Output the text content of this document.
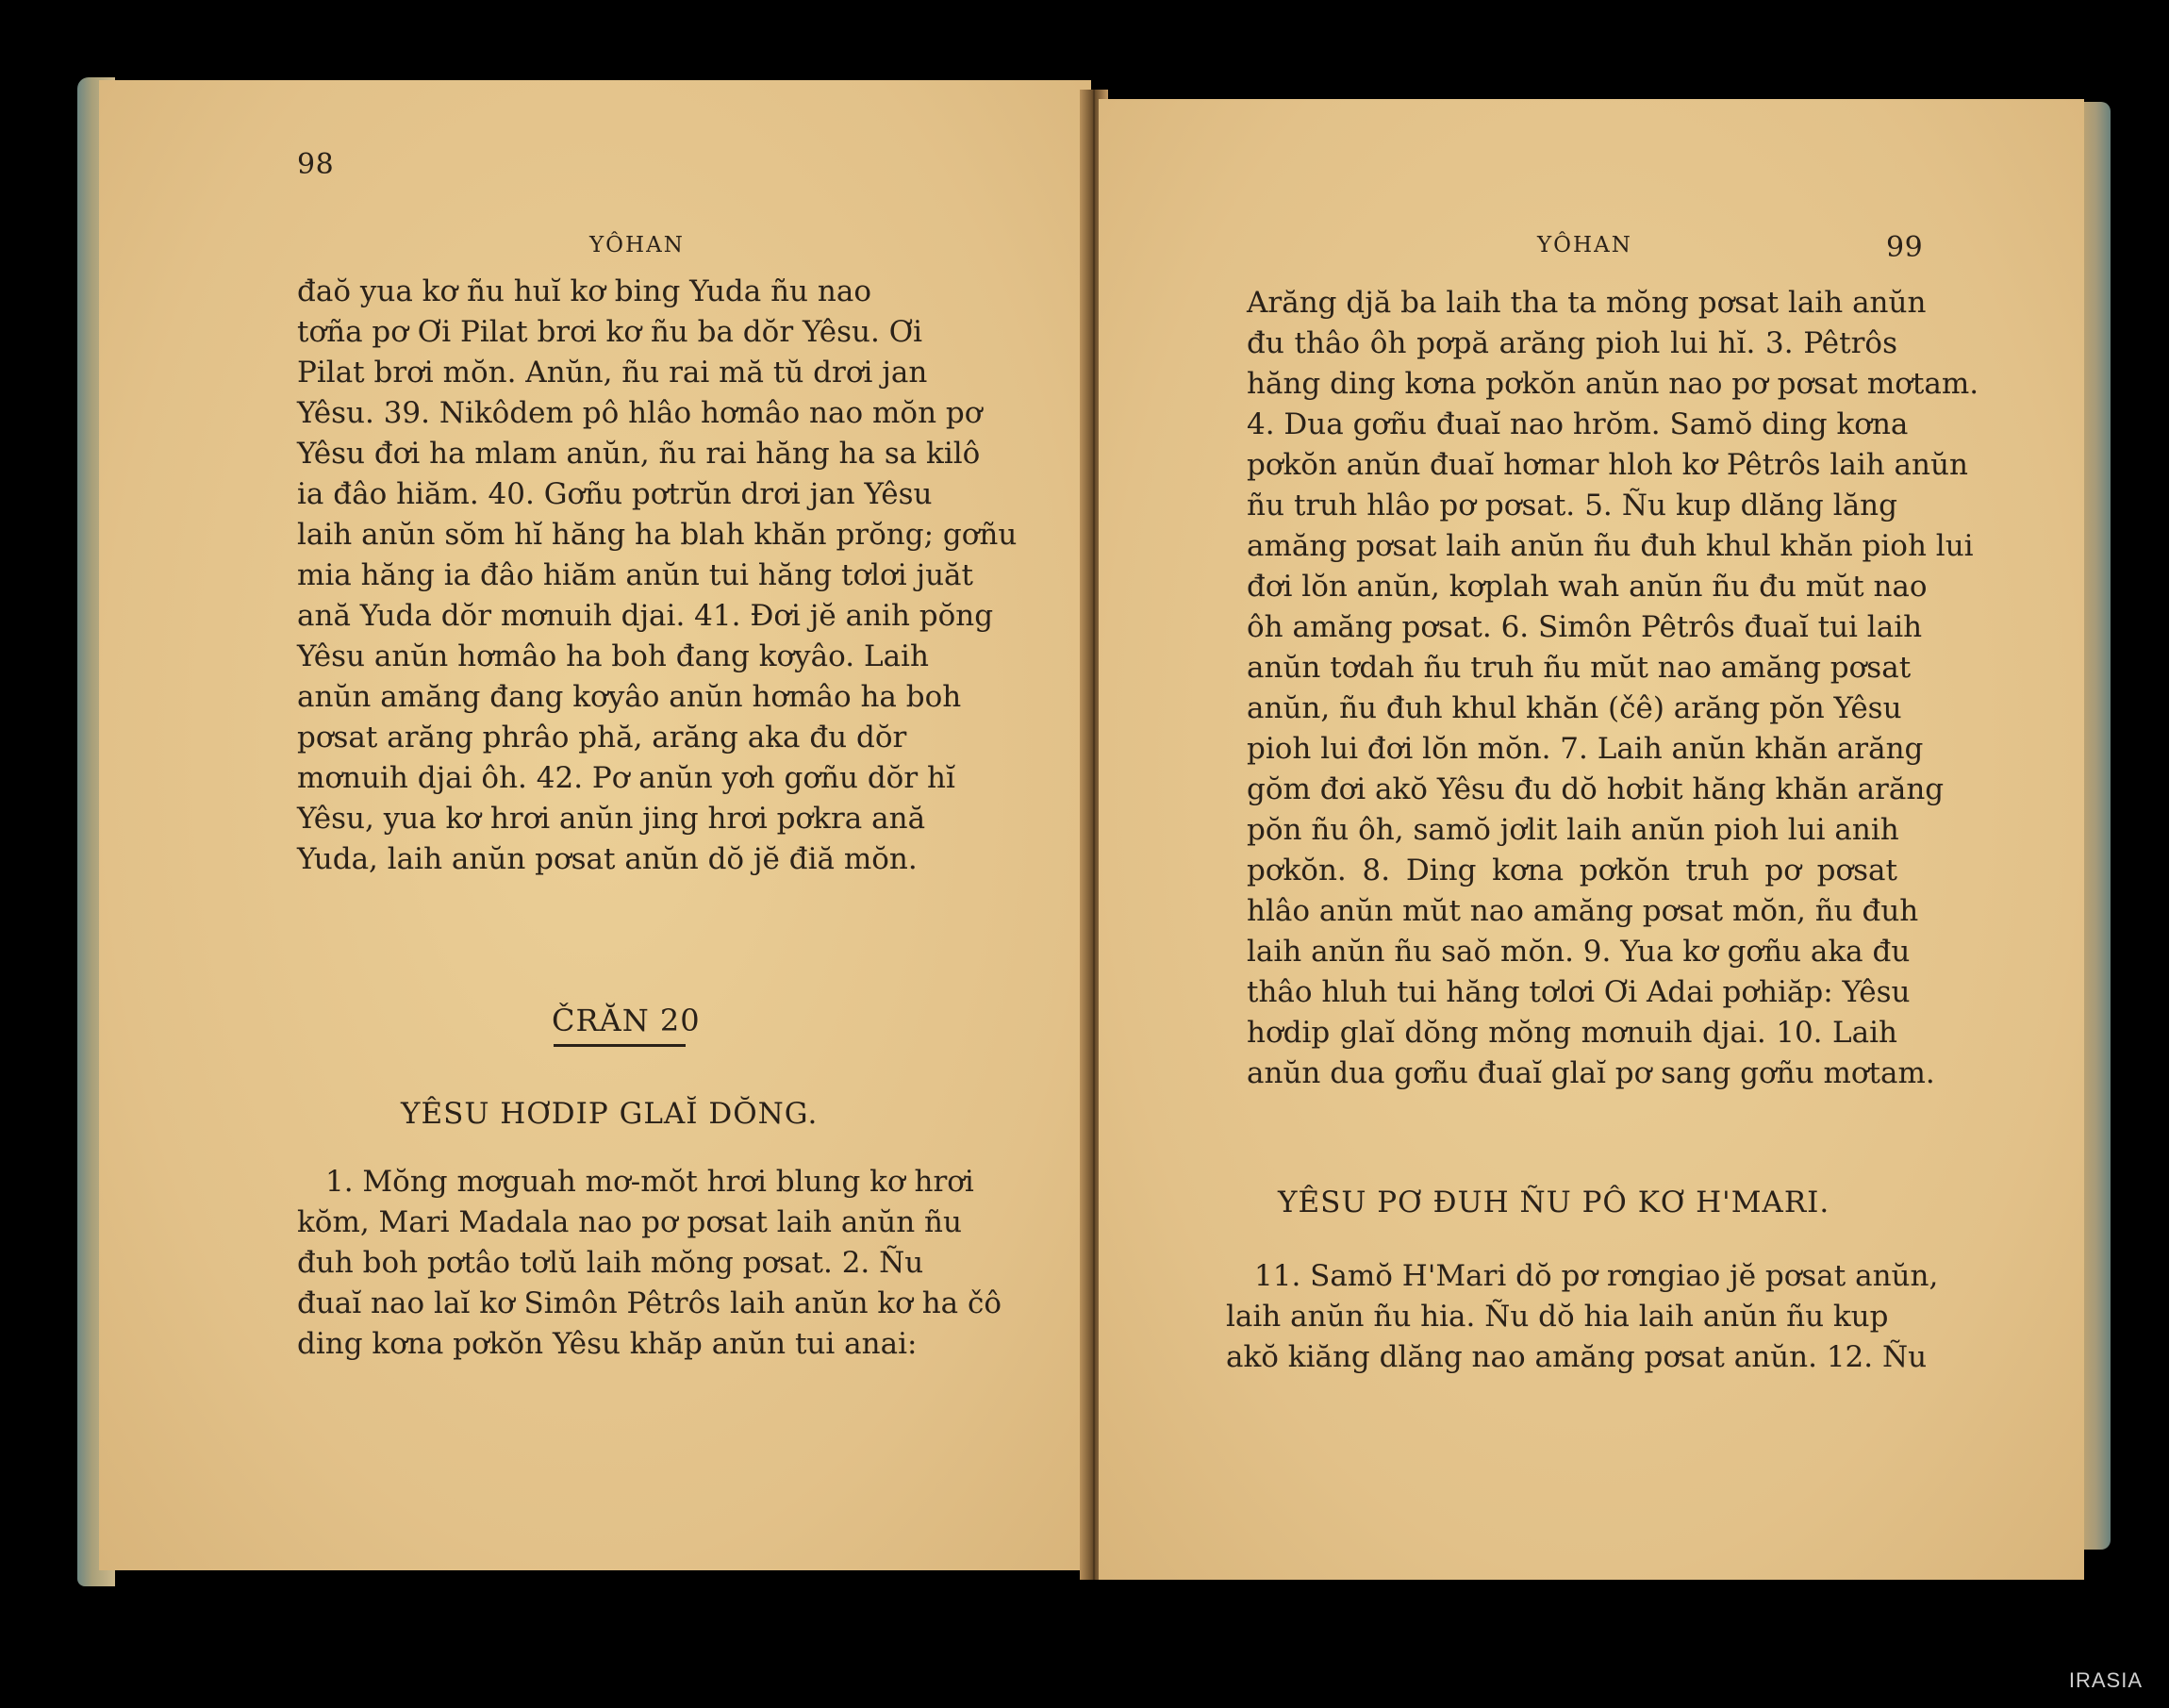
98
YÔHAN
đaŏ yua kơ ñu huĭ kơ bing Yuda ñu nao
tơña pơ Ơi Pilat brơi kơ ñu ba dŏr Yêsu. Ơi
Pilat brơi mŏn. Anŭn, ñu rai mă tŭ drơi jan
Yêsu. 39. Nikôdem pô hlâo hơmâo nao mŏn pơ
Yêsu đơi ha mlam anŭn, ñu rai hăng ha sa kilô
ia đâo hiăm. 40. Gơñu pơtrŭn drơi jan Yêsu
laih anŭn sŏm hĭ hăng ha blah khăn prŏng; gơñu
mia hăng ia đâo hiăm anŭn tui hăng tơlơi juăt
ană Yuda dŏr mơnuih djai. 41. Đơi jĕ anih pŏng
Yêsu anŭn hơmâo ha boh đang kơyâo. Laih
anŭn amăng đang kơyâo anŭn hơmâo ha boh
pơsat arăng phrâo phă, arăng aka đu dŏr
mơnuih djai ôh. 42. Pơ anŭn yơh gơñu dŏr hĭ
Yêsu, yua kơ hrơi anŭn jing hrơi pơkra ană
Yuda, laih anŭn pơsat anŭn dŏ jĕ điă mŏn.
ČRĂN 20
YÊSU HƠDIP GLAĬ DŎNG.
1. Mŏng mơguah mơ-mŏt hrơi blung kơ hrơi
kŏm, Mari Madala nao pơ pơsat laih anŭn ñu
đuh boh pơtâo tơlŭ laih mŏng pơsat. 2. Ñu
đuaĭ nao laĭ kơ Simôn Pêtrôs laih anŭn kơ ha čô
ding kơna pơkŏn Yêsu khăp anŭn tui anai:
YÔHAN	99
Arăng djă ba laih tha ta mŏng pơsat laih anŭn
đu thâo ôh pơpă arăng pioh lui hĭ. 3. Pêtrôs
hăng ding kơna pơkŏn anŭn nao pơ pơsat mơtam.
4. Dua gơñu đuaĭ nao hrŏm. Samŏ ding kơna
pơkŏn anŭn đuaĭ hơmar hloh kơ Pêtrôs laih anŭn
ñu truh hlâo pơ pơsat. 5. Ñu kup dlăng lăng
amăng pơsat laih anŭn ñu đuh khul khăn pioh lui
đơi lŏn anŭn, kơplah wah anŭn ñu đu mŭt nao
ôh amăng pơsat. 6. Simôn Pêtrôs đuaĭ tui laih
anŭn tơdah ñu truh ñu mŭt nao amăng pơsat
anŭn, ñu đuh khul khăn (čê) arăng pŏn Yêsu
pioh lui đơi lŏn mŏn. 7. Laih anŭn khăn arăng
gŏm đơi akŏ Yêsu đu dŏ hơbit hăng khăn arăng
pŏn ñu ôh, samŏ jơlit laih anŭn pioh lui anih
pơkŏn. 8. Ding kơna pơkŏn truh pơ pơsat
hlâo anŭn mŭt nao amăng pơsat mŏn, ñu đuh
laih anŭn ñu saŏ mŏn. 9. Yua kơ gơñu aka đu
thâo hluh tui hăng tơlơi Ơi Adai pơhiăp: Yêsu
hơdip glaĭ dŏng mŏng mơnuih djai. 10. Laih
anŭn dua gơñu đuaĭ glaĭ pơ sang gơñu mơtam.
YÊSU PƠ ĐUH ÑU PÔ KƠ H'MARI.
11. Samŏ H'Mari dŏ pơ rơngiao jĕ pơsat anŭn,
laih anŭn ñu hia. Ñu dŏ hia laih anŭn ñu kup
akŏ kiăng dlăng nao amăng pơsat anŭn. 12. Ñu
IRASIA
